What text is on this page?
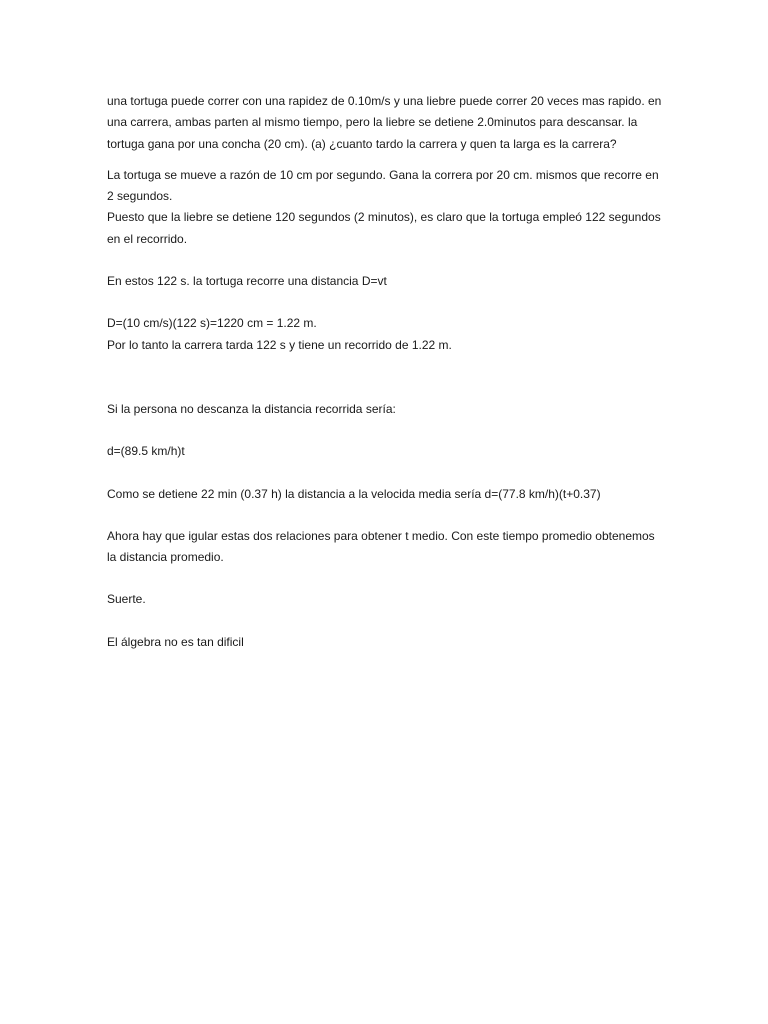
una tortuga puede correr con una rapidez de 0.10m/s y una liebre puede correr 20 veces mas rapido. en una carrera, ambas parten al mismo tiempo, pero la liebre se detiene 2.0minutos para descansar. la tortuga gana por una concha (20 cm). (a) ¿cuanto tardo la carrera y quen ta larga es la carrera?

La tortuga se mueve a razón de 10 cm por segundo. Gana la correra por 20 cm. mismos que recorre en 2 segundos.

Puesto que la liebre se detiene 120 segundos (2 minutos), es claro que la tortuga empleó 122 segundos en el recorrido.

En estos 122 s. la tortuga recorre una distancia D=vt

D=(10 cm/s)(122 s)=1220 cm = 1.22 m.

Por lo tanto la carrera tarda 122 s y tiene un recorrido de 1.22 m.

Si la persona no descanza la distancia recorrida sería:

d=(89.5 km/h)t

Como se detiene 22 min (0.37 h) la distancia a la velocida media sería d=(77.8 km/h)(t+0.37)

Ahora hay que igular estas dos relaciones para obtener t medio. Con este tiempo promedio obtenemos la distancia promedio.

Suerte.

El álgebra no es tan dificil
